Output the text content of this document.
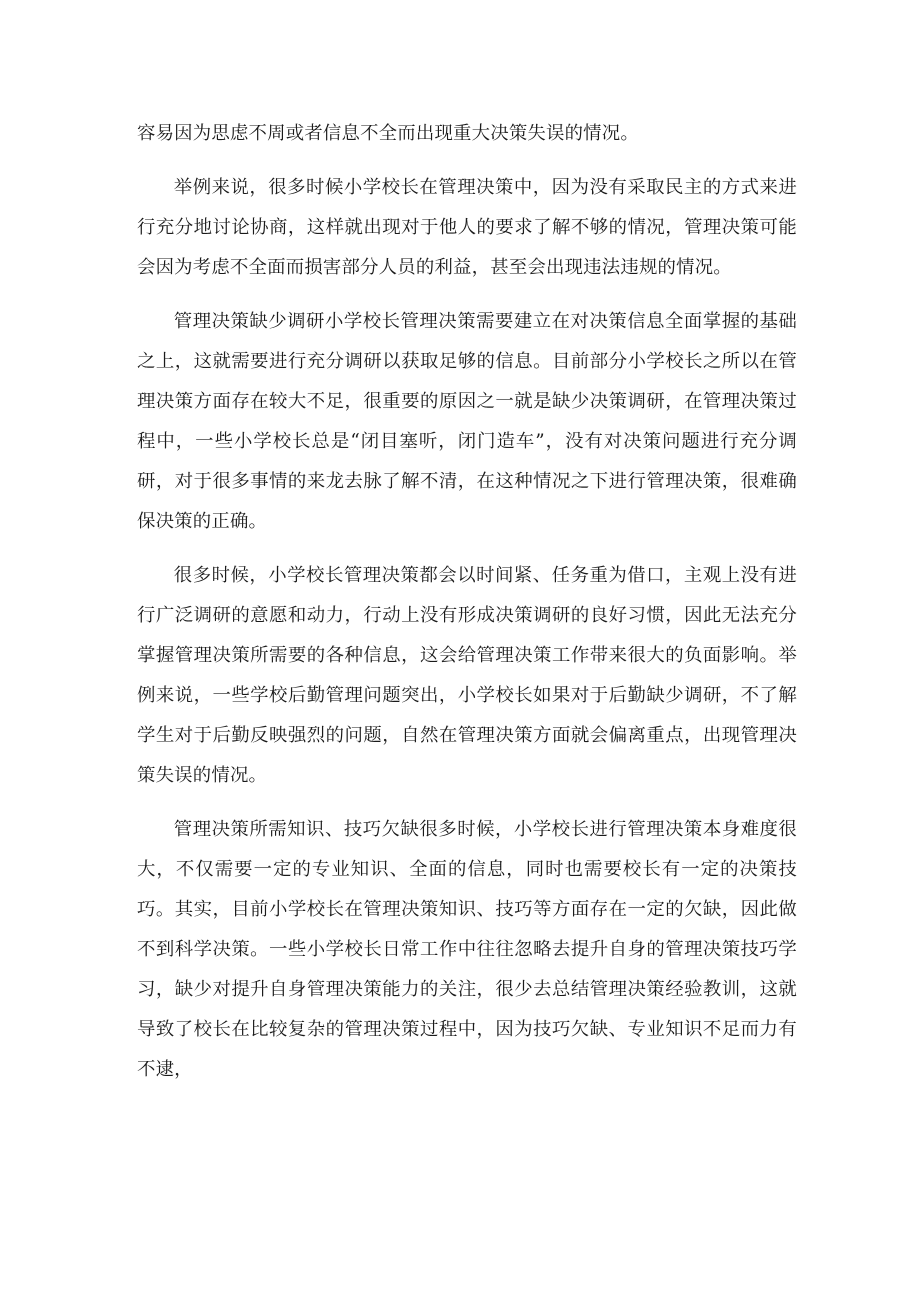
容易因为思虑不周或者信息不全而出现重大决策失误的情况。

举例来说，很多时候小学校长在管理决策中，因为没有采取民主的方式来进行充分地讨论协商，这样就出现对于他人的要求了解不够的情况，管理决策可能会因为考虑不全面而损害部分人员的利益，甚至会出现违法违规的情况。

管理决策缺少调研小学校长管理决策需要建立在对决策信息全面掌握的基础之上，这就需要进行充分调研以获取足够的信息。目前部分小学校长之所以在管理决策方面存在较大不足，很重要的原因之一就是缺少决策调研，在管理决策过程中，一些小学校长总是“闭目塞听，闭门造车”，没有对决策问题进行充分调研，对于很多事情的来龙去脉了解不清，在这种情况之下进行管理决策，很难确保决策的正确。

很多时候，小学校长管理决策都会以时间紧、任务重为借口，主观上没有进行广泛调研的意愿和动力，行动上没有形成决策调研的良好习惯，因此无法充分掌握管理决策所需要的各种信息，这会给管理决策工作带来很大的负面影响。举例来说，一些学校后勤管理问题突出，小学校长如果对于后勤缺少调研，不了解学生对于后勤反映强烈的问题，自然在管理决策方面就会偏离重点，出现管理决策失误的情况。

管理决策所需知识、技巧欠缺很多时候，小学校长进行管理决策本身难度很大，不仅需要一定的专业知识、全面的信息，同时也需要校长有一定的决策技巧。其实，目前小学校长在管理决策知识、技巧等方面存在一定的欠缺，因此做不到科学决策。一些小学校长日常工作中往往忽略去提升自身的管理决策技巧学习，缺少对提升自身管理决策能力的关注，很少去总结管理决策经验教训，这就导致了校长在比较复杂的管理决策过程中，因为技巧欠缺、专业知识不足而力有不逮，
